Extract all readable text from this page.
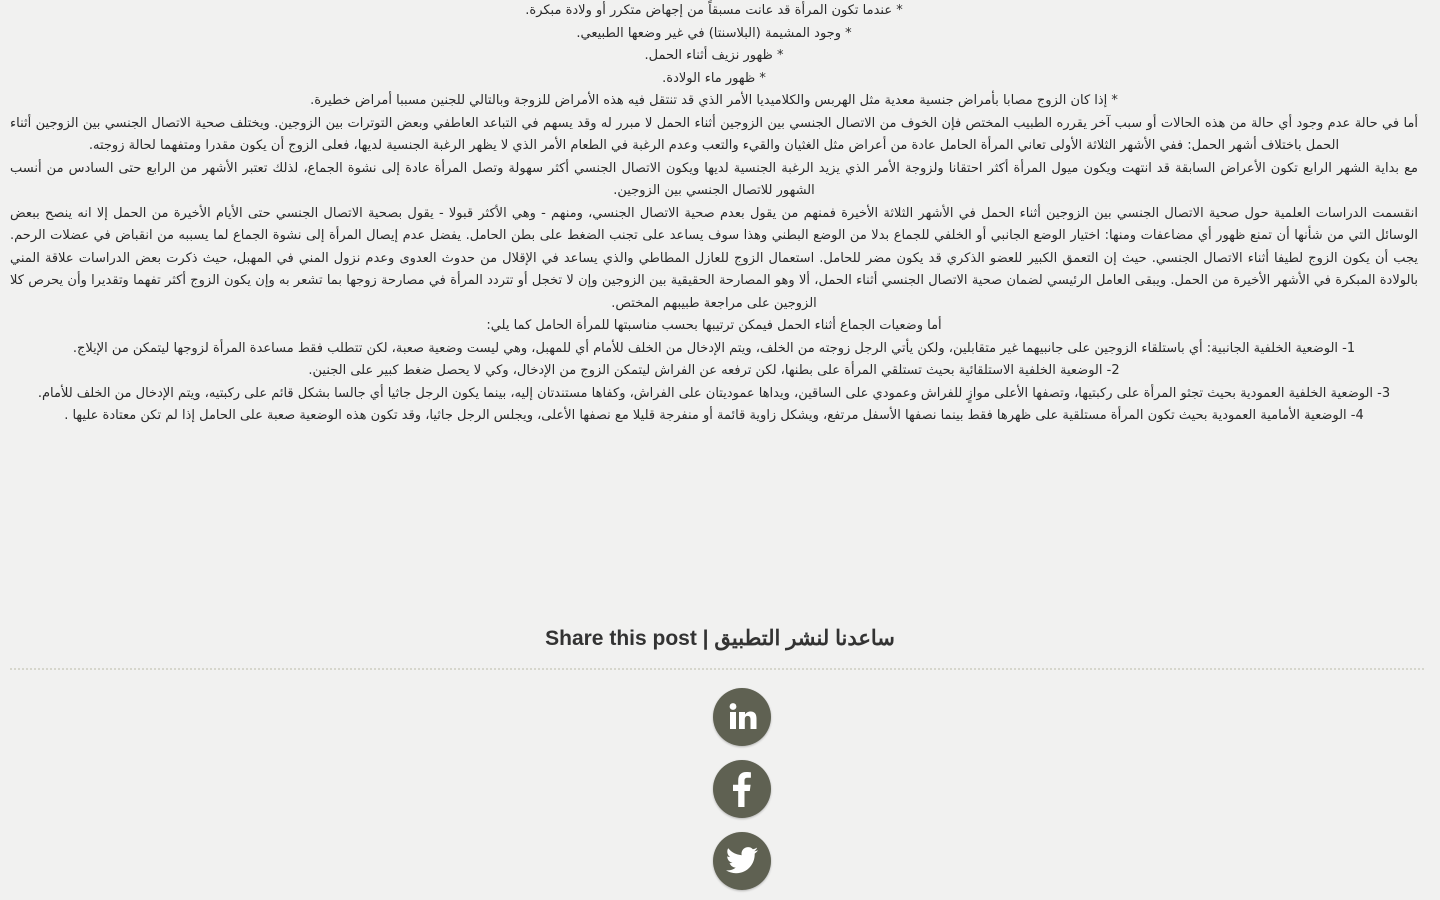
* عندما تكون المرأة قد عانت مسبقاً من إجهاض متكرر أو ولادة مبكرة.

* وجود المشيمة (البلاسنتا) في غير وضعها الطبيعي.

* ظهور نزيف أثناء الحمل.

* ظهور ماء الولادة.

* إذا كان الزوج مصابا بأمراض جنسية معدية مثل الهربس والكلاميديا الأمر الذي قد تنتقل فيه هذه الأمراض للزوجة وبالتالي للجنين مسببا أمراض خطيرة.

أما في حالة عدم وجود أي حالة من هذه الحالات أو سبب آخر يقرره الطبيب المختص فإن الخوف من الاتصال الجنسي بين الزوجين أثناء الحمل لا مبرر له وقد يسهم في التباعد العاطفي وبعض التوترات بين الزوجين. ويختلف صحية الاتصال الجنسي بين الزوجين أثناء الحمل باختلاف أشهر الحمل: ففي الأشهر الثلاثة الأولى تعاني المرأة الحامل عادة من أعراض مثل الغثيان والقيء والتعب وعدم الرغبة في الطعام الأمر الذي لا يظهر الرغبة الجنسية لديها، فعلى الزوج أن يكون مقدرا ومتفهما لحالة زوجته.

مع بداية الشهر الرابع تكون الأعراض السابقة قد انتهت ويكون ميول المرأة أكثر احتقانا ولزوجة الأمر الذي يزيد الرغبة الجنسية لديها ويكون الاتصال الجنسي أكثر سهولة وتصل المرأة عادة إلى نشوة الجماع، لذلك تعتبر الأشهر من الرابع حتى السادس من أنسب الشهور للاتصال الجنسي بين الزوجين.

انقسمت الدراسات العلمية حول صحية الاتصال الجنسي بين الزوجين أثناء الحمل في الأشهر الثلاثة الأخيرة فمنهم من يقول بعدم صحية الاتصال الجنسي، ومنهم - وهي الأكثر قبولا - يقول بصحية الاتصال الجنسي حتى الأيام الأخيرة من الحمل إلا انه ينصح ببعض الوسائل التي من شأنها أن تمنع ظهور أي مضاعفات ومنها: اختيار الوضع الجانبي أو الخلفي للجماع بدلا من الوضع البطني وهذا سوف يساعد على تجنب الضغط على بطن الحامل. يفضل عدم إيصال المرأة إلى نشوة الجماع لما يسببه من انقباض في عضلات الرحم. يجب أن يكون الزوج لطيفا أثناء الاتصال الجنسي. حيث إن التعمق الكبير للعضو الذكري قد يكون مضر للحامل. استعمال الزوج للعازل المطاطي والذي يساعد في الإقلال من حدوث العدوى وعدم نزول المني في المهبل، حيث ذكرت بعض الدراسات علاقة المني بالولادة المبكرة في الأشهر الأخيرة من الحمل. ويبقى العامل الرئيسي لضمان صحية الاتصال الجنسي أثناء الحمل، ألا وهو المصارحة الحقيقية بين الزوجين وإن لا تخجل أو تتردد المرأة في مصارحة زوجها بما تشعر به وإن يكون الزوج أكثر تفهما وتقديرا وأن يحرص كلا الزوجين على مراجعة طبيبهم المختص.

أما وضعيات الجماع أثناء الحمل فيمكن ترتيبها بحسب مناسبتها للمرأة الحامل كما يلي:

1- الوضعية الخلفية الجانبية: أي باستلقاء الزوجين على جانبيهما غير متقابلين، ولكن يأتي الرجل زوجته من الخلف، ويتم الإدخال من الخلف للأمام أي للمهبل، وهي ليست وضعية صعبة، لكن تتطلب فقط مساعدة المرأة لزوجها ليتمكن من الإيلاج.

2- الوضعية الخلفية الاستلقائية بحيث تستلقي المرأة على بطنها، لكن ترفعه عن الفراش ليتمكن الزوج من الإدخال، وكي لا يحصل ضغط كبير على الجنين.

3- الوضعية الخلفية العمودية بحيث تجثو المرأة على ركبتيها، وتصفها الأعلى موازٍ للفراش وعمودي على الساقين، ويداها عموديتان على الفراش، وكفاها مستندتان إليه، بينما يكون الرجل جاثيا أي جالسا بشكل قائم على ركبتيه، ويتم الإدخال من الخلف للأمام.

4- الوضعية الأمامية العمودية بحيث تكون المرأة مستلقية على ظهرها فقط بينما نصفها الأسفل مرتفع، ويشكل زاوية قائمة أو منفرجة قليلا مع نصفها الأعلى، ويجلس الرجل جاثيا، وقد تكون هذه الوضعية صعبة على الحامل إذا لم تكن معتادة عليها .

Share this post | ساعدنا لنشر التطبيق
